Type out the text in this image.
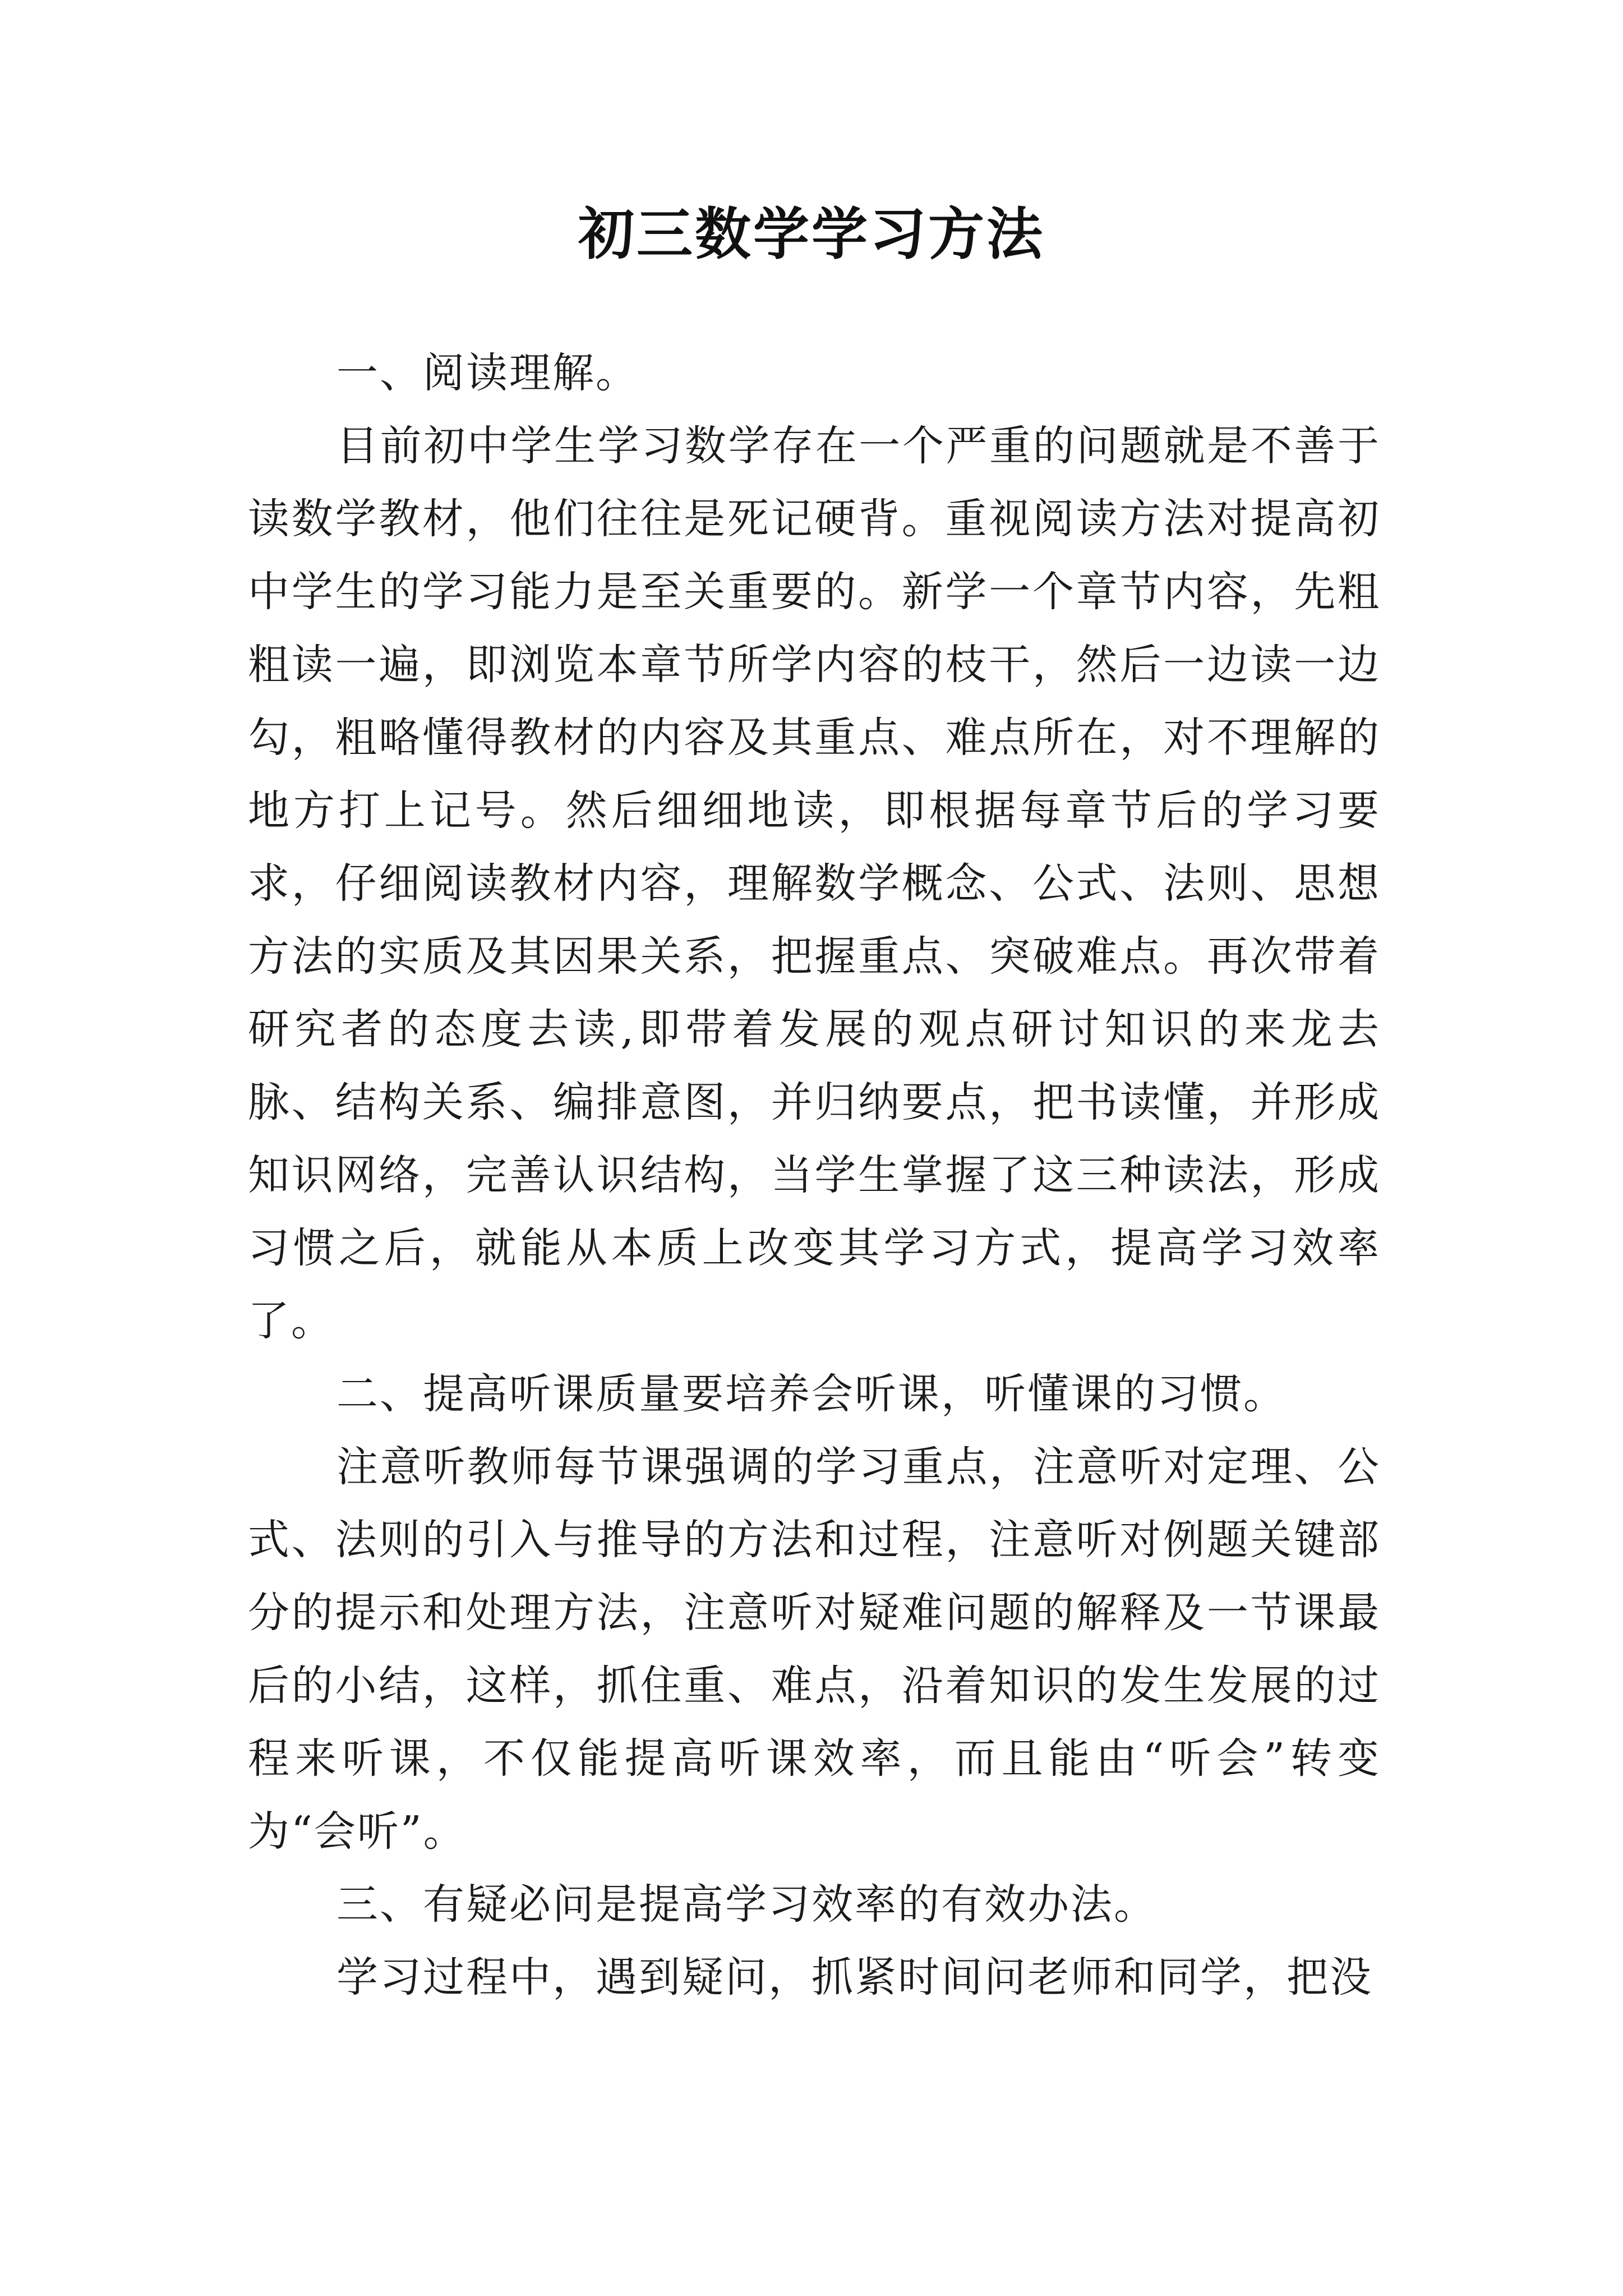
初三数学学习方法

一、阅读理解。

目前初中学生学习数学存在一个严重的问题就是不善于读数学教材，他们往往是死记硬背。重视阅读方法对提高初中学生的学习能力是至关重要的。新学一个章节内容，先粗粗读一遍，即浏览本章节所学内容的枝干，然后一边读一边勾，粗略懂得教材的内容及其重点、难点所在，对不理解的地方打上记号。然后细细地读，即根据每章节后的学习要求，仔细阅读教材内容，理解数学概念、公式、法则、思想方法的实质及其因果关系，把握重点、突破难点。再次带着研究者的态度去读,即带着发展的观点研讨知识的来龙去脉、结构关系、编排意图，并归纳要点，把书读懂，并形成知识网络，完善认识结构，当学生掌握了这三种读法，形成习惯之后，就能从本质上改变其学习方式，提高学习效率了。

二、提高听课质量要培养会听课，听懂课的习惯。

注意听教师每节课强调的学习重点，注意听对定理、公式、法则的引入与推导的方法和过程，注意听对例题关键部分的提示和处理方法，注意听对疑难问题的解释及一节课最后的小结，这样，抓住重、难点，沿着知识的发生发展的过程来听课，不仅能提高听课效率，而且能由“听会”转变为“会听”。

三、有疑必问是提高学习效率的有效办法。

学习过程中，遇到疑问，抓紧时间问老师和同学，把没
